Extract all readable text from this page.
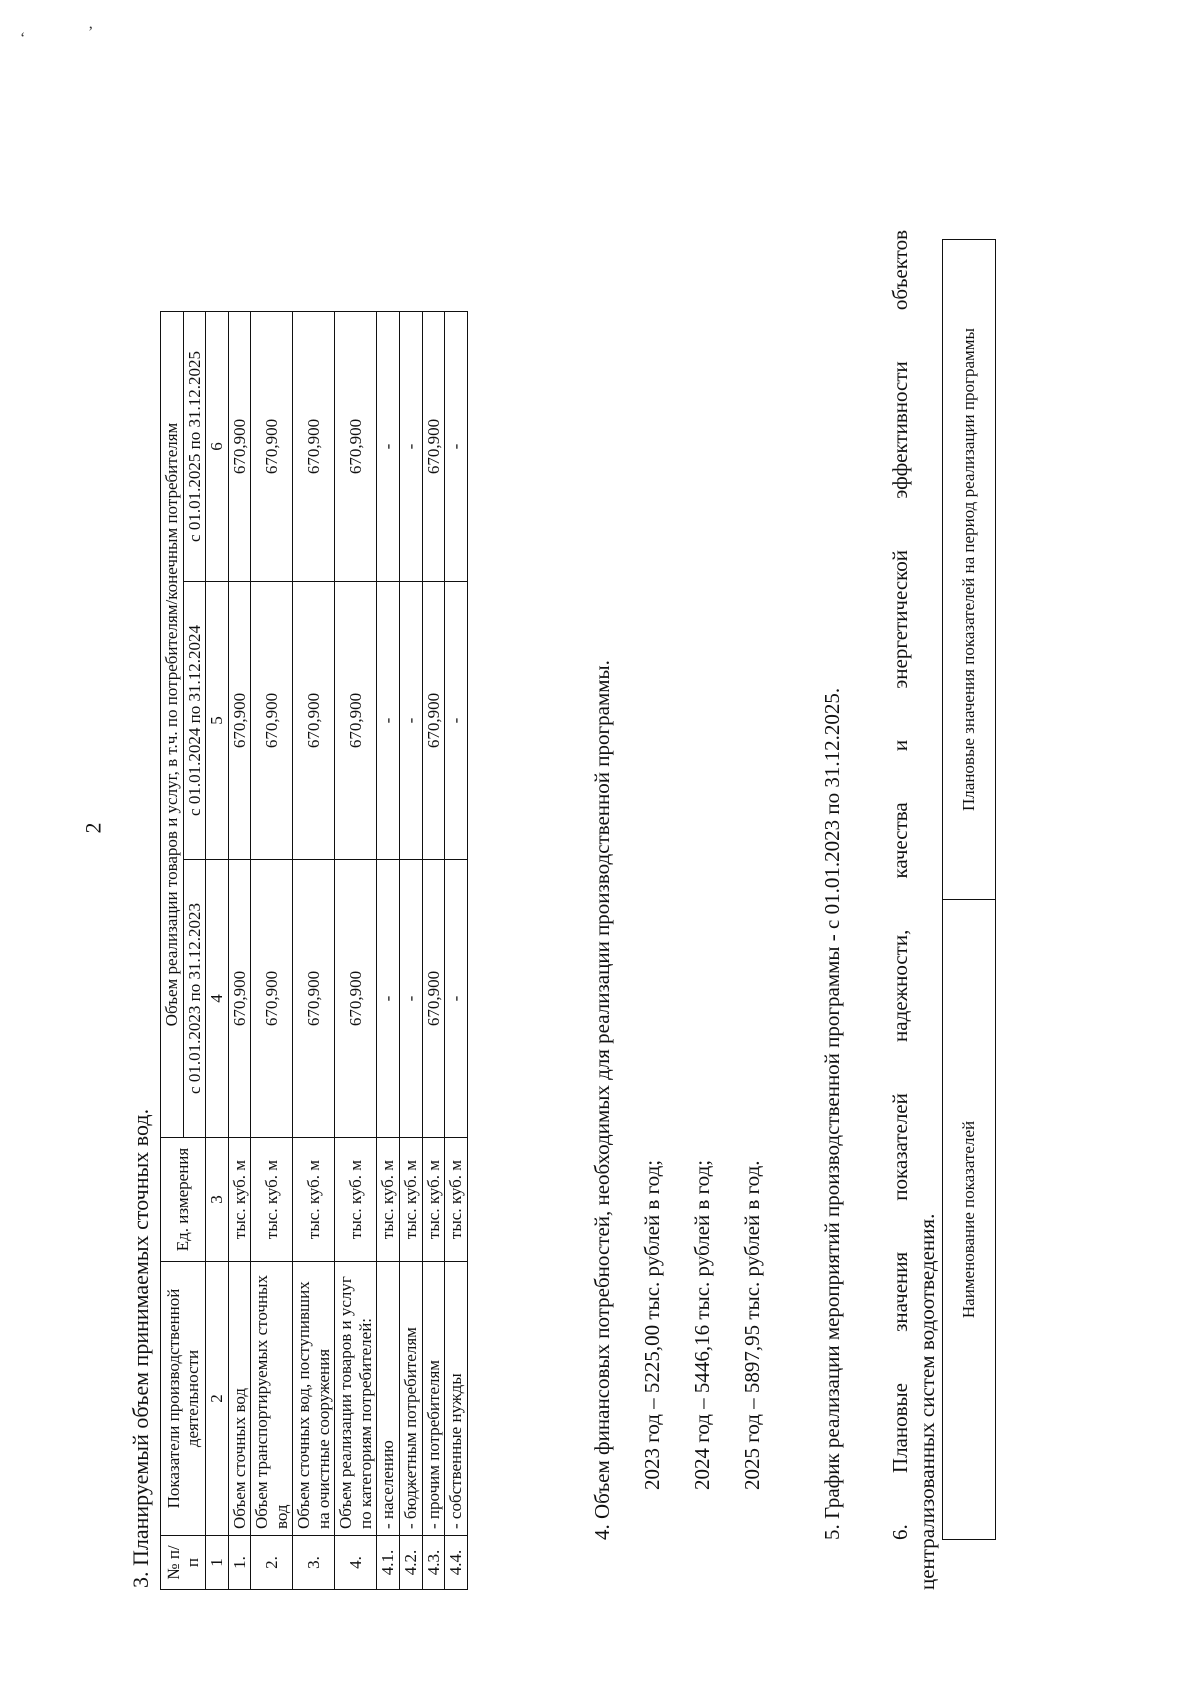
‘	’
2
3. Планируемый объем принимаемых сточных вод. № п/п	Показатели производственной деятельности	Ед. измерения	Объем реализации товаров и услуг, в т.ч. по потребителям/конечным потребителям		
			с 01.01.2023 по 31.12.2023	с 01.01.2024 по 31.12.2024	с 01.01.2025 по 31.12.2025
1	2	3	4	5	6
1.	Объем сточных вод	тыс. куб. м	670,900	670,900	670,900
2.	Объем транспортируемых сточных вод	тыс. куб. м	670,900	670,900	670,900
3.	Объем сточных вод, поступивших на очистные сооружения	тыс. куб. м	670,900	670,900	670,900
4.	Объем реализации товаров и услуг по категориям потребителей:	тыс. куб. м	670,900	670,900	670,900
4.1.	- населению	тыс. куб. м	-	-	-
4.2.	- бюджетным потребителям	тыс. куб. м	-	-	-
4.3.	- прочим потребителям	тыс. куб. м	670,900	670,900	670,900
4.4.	- собственные нужды	тыс. куб. м	-	-	-
4. Объем финансовых потребностей, необходимых для реализации производственной программы. 2023 год – 5225,00 тыс. рублей в год; 2024 год – 5446,16 тыс. рублей в год; 2025 год – 5897,95 тыс. рублей в год.	5. График реализации мероприятий производственной программы - с 01.01.2023 по 31.12.2025. 6. Плановые значения показателей надежности, качества и энергетической эффективности объектов централизованных систем водоотведения. Наименование показателей	Плановые значения показателей на период реализации программы
